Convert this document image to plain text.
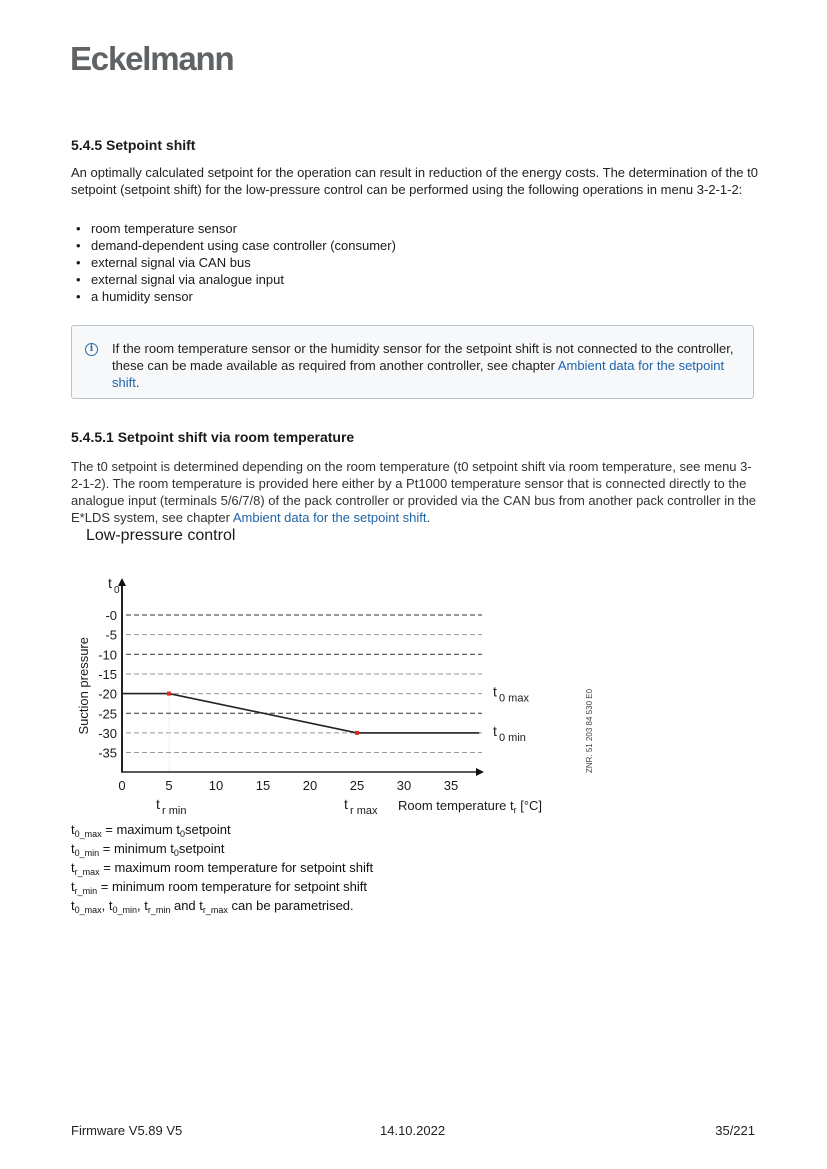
Eckelmann
5.4.5 Setpoint shift

An optimally calculated setpoint for the operation can result in reduction of the energy costs. The determination of the t0 setpoint (setpoint shift) for the low-pressure control can be performed using the following operations in menu 3-2-1-2:

• room temperature sensor
• demand-dependent using case controller (consumer)
• external signal via CAN bus
• external signal via analogue input
• a humidity sensor
i	If the room temperature sensor or the humidity sensor for the setpoint shift is not connected to the controller, these can be made available as required from another controller, see chapter Ambient data for the setpoint shift.
5.4.5.1 Setpoint shift via room temperature

The t0 setpoint is determined depending on the room temperature (t0 setpoint shift via room temperature, see menu 3-2-1-2). The room temperature is provided here either by a Pt1000 temperature sensor that is connected directly to the analogue input (terminals 5/6/7/8) of the pack controller or provided via the CAN bus from another pack controller in the E*LDS system, see chapter Ambient data for the setpoint shift.

Low-pressure control
-0
-5
-10
-15
-20
-25
-30
-35
0	5	10	15	20	25	30	35
t 0
Suction pressure	t 0 max
t 0 min
t r min	t r max Room temperature $t_r$ [°C]
ZNR. 51 203 84 530 E0
$t_{0\_max}$ = maximum $t_0setpoint$
$t_{0\_min}$ = minimum $t_0setpoint$
$t_{r\_max}$ = maximum room temperature for setpoint shift
$t_{r\_min}$ = minimum room temperature for setpoint shift
$t_{0\_max}$, $t_{0\_min}$, $t_{r\_min}$ and $t_{r\_max}$ can be parametrised.
Firmware V5.89 V5	14.10.2022	35/221
